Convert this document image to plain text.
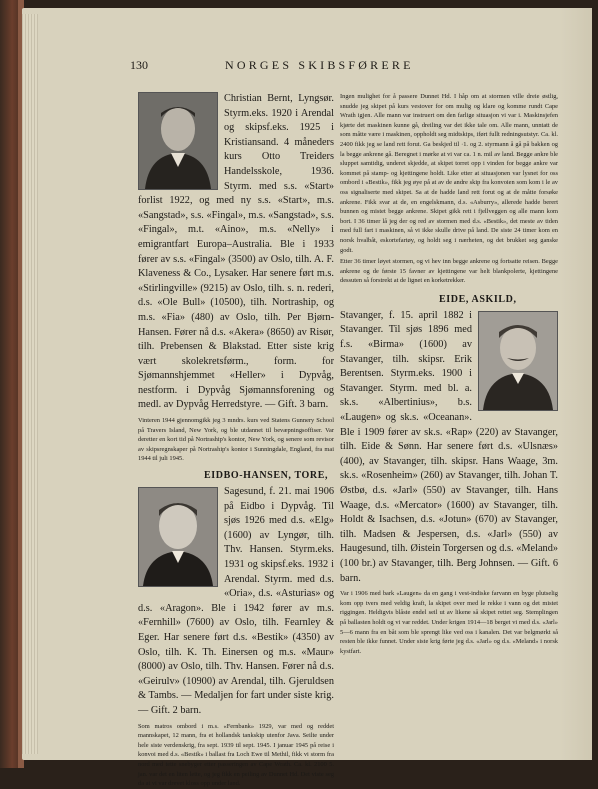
130	NORGES SKIBSFØRERE

Christian Bernt, Lyngsør. Styrm.eks. 1920 i Arendal og skipsf.eks. 1925 i Kristiansand. 4 måneders kurs Otto Treiders Handelsskole, 1936. Styrm. med s.s. «Start» forlist 1922, og med ny s.s. «Start», m.s. «Sangstad», s.s. «Fingal», m.s. «Sangstad», s.s. «Fingal», m.t. «Aino», m.s. «Nelly» i emigrantfart Europa–Australia. Ble i 1933 fører av s.s. «Fingal» (3500) av Oslo, tilh. A. F. Klaveness & Co., Lysaker. Har senere ført m.s. «Stirlingville» (9215) av Oslo, tilh. s. n. rederi, d.s. «Ole Bull» (10500), tilh. Nortraship, og m.s. «Fia» (480) av Oslo, tilh. Per Bjørn-Hansen. Fører nå d.s. «Akera» (8650) av Risør, tilh. Prebensen & Blakstad. Etter siste krig vært skolekretsførm., form. for Sjømannshjemmet «Heller» i Dypvåg, nestform. i Dypvåg Sjømannsforening og medl. av Dypvåg Herredstyre. — Gift. 3 barn.

Vinteren 1944 gjennomgikk jeg 3 mndrs. kurs ved Statens Gunnery School på Travers Island, New York, og ble utdannet til bevæpningsoffiser. Var deretter en kort tid på Nortraship's kontor, New York, og senere som revisor av skipsregnskaper på Nortraship's kontor i Sunningdale, England, fra mai 1944 til juli 1945.

EIDBO-HANSEN, TORE,

Sagesund, f. 21. mai 1906 på Eidbo i Dypvåg. Til sjøs 1926 med d.s. «Elg» (1600) av Lyngør, tilh. Thv. Hansen. Styrm.eks. 1931 og skipsf.eks. 1932 i Arendal. Styrm. med d.s. «Oria», d.s. «Asturias» og d.s. «Aragon». Ble i 1942 fører av m.s. «Fernhill» (7600) av Oslo, tilh. Fearnley & Eger. Har senere ført d.s. «Bestik» (4350) av Oslo, tilh. K. Th. Einersen og m.s. «Maur» (8000) av Oslo, tilh. Thv. Hansen. Fører nå d.s. «Geirulv» (10900) av Arendal, tilh. Gjeruldsen & Tambs. — Medaljen for fart under siste krig. — Gift. 2 barn.

Som matros ombord i m.s. «Fernbank» 1929, var med og reddet mannskapet, 12 mann, fra et hollandsk tankskip utenfor Java. Seilte under hele siste verdenskrig, fra sept. 1939 til sept. 1945. I januar 1945 på reise i konvoi med d.s. «Bestik» i ballast fra Loch Ewe til Methil, fikk vi storm fra nord med tette snebyger etter passeringen av Cape Wrath. Ca. kl. 2100 5. jan. var det en liten lette, og jeg fikk en peiling av Dunnet Hd. Det viste seg da at vi var drevet kloss opp under land.

Ingen mulighet for å passere Dunnet Hd. I håp om at stormen ville dreie østlig, snudde jeg skipet på kurs vestover for om mulig og klare og komme rundt Cape Wrath igjen. Alle mann var instruert om den farlige situasjon vi var i. Maskinsjefen kjørte det maskinen kunne gå, dreiling var det ikke tale om. Alle mann, unntatt de som måtte være i maskinen, oppholdt seg midtskips, iført fullt redningsutstyr. Ca. kl. 2400 fikk jeg se land rett forut. Ga beskjed til ·1. og 2. styrmann å gå på bakken og la begge ankrene gå. Beregnet i mørke at vi var ca. 1 n. mil av land. Begge ankre ble sluppet samtidig, underet skjedde, at skipet torret opp i vinden for begge ankre var kommet på stamp- og kjettingene holdt. Like etter at situasjonen var lysnet for oss ombord i «Bestik», fikk jeg øye på at av de andre skip fra konvoien som kom i le av oss signaliserte med skipet. Sa at de hadde land rett forut og at de måtte forsøke ankrene. Fikk svar at de, en engelskmann, d.s. «Asburry», allerede hadde berert bunnen og mistet begge ankrene. Skipet gikk rett i fjellveggen og alle mann kom bort. I 36 timer lå jeg der og red av stormen med d.s. «Bestik», det meste av tiden med full fart i maskinen, så vi ikke skulle drive på land. De siste 24 timer kom en norsk hvalbåt, eskortefartøy, og holdt seg i nærheten, og det brukket seg ganske godt.

Etter 36 timer løyet stormen, og vi hev inn begge ankrene og fortsatte reisen. Begge ankrene og de første 15 favner av kjettingene var helt blankpolerte, kjettingene dessuten så forstrekt at de lignet en korketrekker.

EIDE, ASKILD,

Stavanger, f. 15. april 1882 i Stavanger. Til sjøs 1896 med f.s. «Birma» (1600) av Stavanger, tilh. skipsr. Erik Berentsen. Styrm.eks. 1900 i Stavanger. Styrm. med bl. a. sk.s. «Albertinius», b.s. «Laugen» og sk.s. «Oceanan». Ble i 1909 fører av sk.s. «Rap» (220) av Stavanger, tilh. Eide & Sønn. Har senere ført d.s. «Ulsnæs» (400), av Stavanger, tilh. skipsr. Hans Waage, 3m. sk.s. «Rosenheim» (260) av Stavanger, tilh. Johan T. Østbø, d.s. «Jarl» (550) av Stavanger, tilh. Hans Waage, d.s. «Mercator» (1600) av Stavanger, tilh. Holdt & Isachsen, d.s. «Jotun» (670) av Stavanger, tilh. Madsen & Jespersen, d.s. «Jarl» (550) av Haugesund, tilh. Øistein Torgersen og d.s. «Meland» (100 br.) av Stavanger, tilh. Berg Johnsen. — Gift. 6 barn.

Var i 1906 med bark «Laugen» da en gang i vest-indiske farvann en byge plutselig kom opp tvers med veldig kraft, la skipet over med le rekke i vann og det mistet riggingen. Heldigvis blåste endel seil ut av likene så skipet rettet seg. Stemplingen på ballasten holdt og vi var reddet. Under krigen 1914—18 berget vi med d.s. «Jarl» 5—6 mann fra en båt som ble sprengt like ved oss i kanalen. Det var belgmørkt så resten ble ikke funnet. Under siste krig førte jeg d.s. «Jarl» og d.s. «Meland» i norsk kystfart.
